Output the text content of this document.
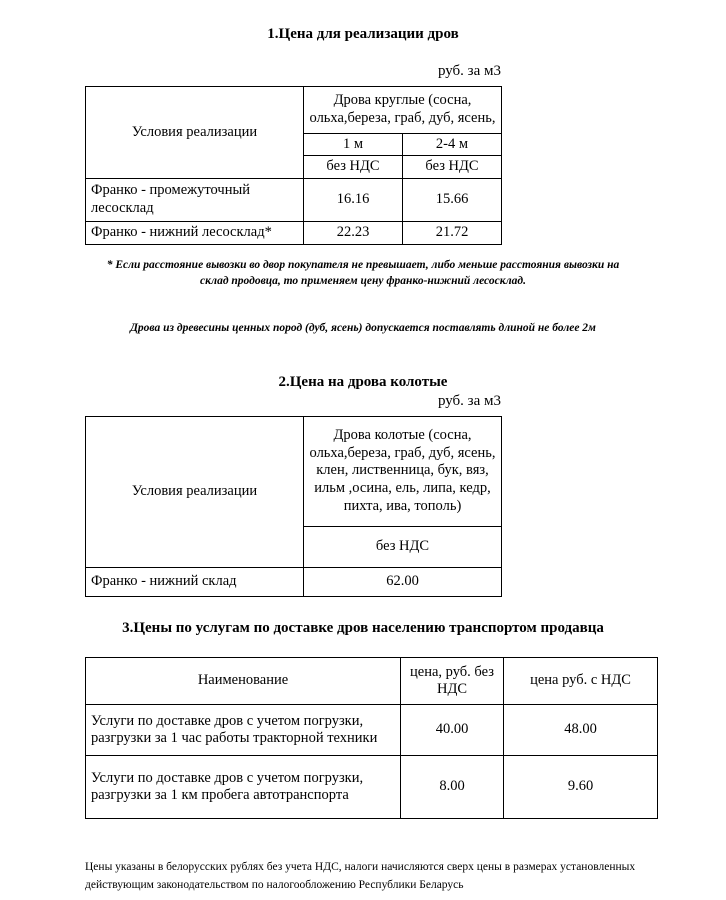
1.Цена для реализации дров
руб. за м3
Условия реализации	Дрова круглые (сосна, ольха,береза, граб, дуб, ясень,	
	1 м	2-4 м
	без НДС	без НДС
Франко - промежуточный лесосклад	16.16	15.66
Франко - нижний лесосклад*	22.23	21.72
* Если расстояние вывозки во двор покупателя не превышает, либо меньше расстояния вывозки на склад продовца, то применяем цену франко-нижний лесосклад.
Дрова из древесины ценных пород (дуб, ясень) допускается поставлять длиной не более 2м
2.Цена на дрова колотые
руб. за м3
Условия реализации	Дрова колотые (сосна, ольха,береза, граб, дуб, ясень, клен, лиственница, бук, вяз, ильм ,осина, ель, липа, кедр, пихта, ива, тополь)
	без НДС
Франко - нижний склад	62.00
3.Цены по услугам по доставке дров населению транспортом продавца
Наименование	цена, руб. без НДС	цена руб. с НДС
Услуги по доставке дров с учетом погрузки, разгрузки за 1 час работы тракторной техники	40.00	48.00
Услуги по доставке дров с учетом погрузки, разгрузки за 1 км пробега автотранспорта	8.00	9.60
Цены указаны в белорусских рублях без учета НДС, налоги начисляются сверх цены в размерах установленных действующим законодательством по налогообложению Республики Беларусь
